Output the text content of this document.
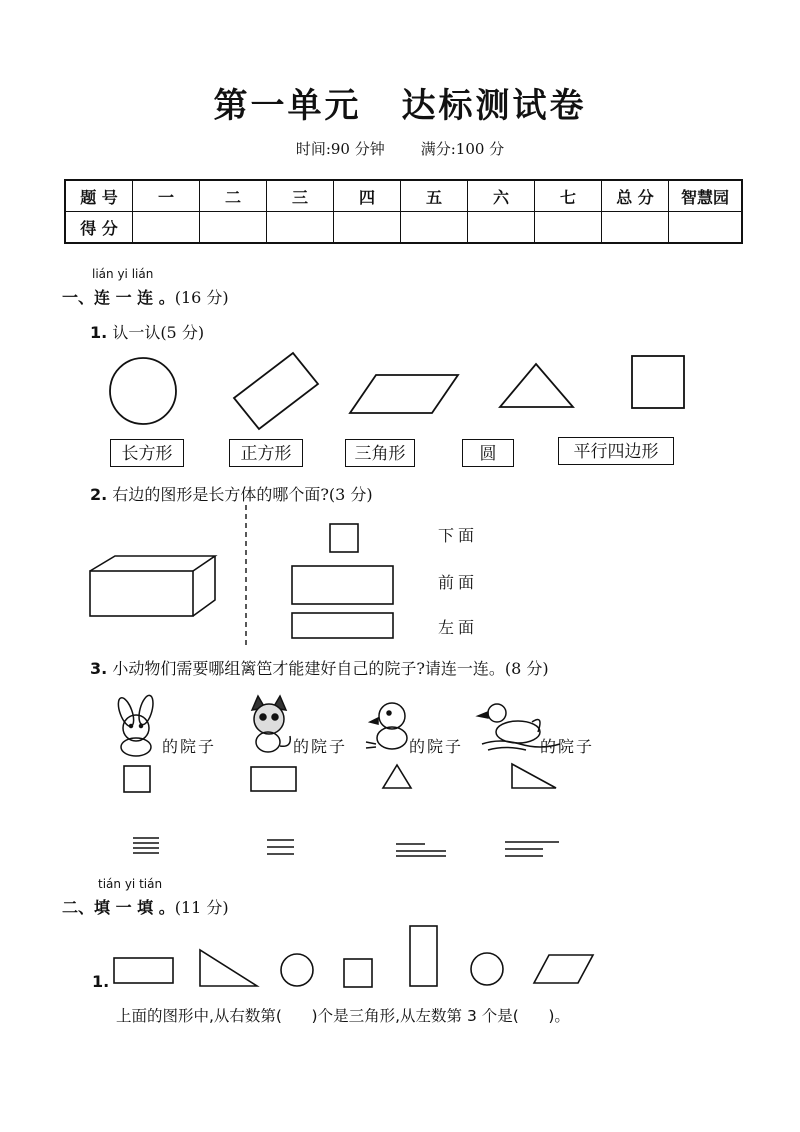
第一单元 达标测试卷
时间:90 分钟 满分:100 分
题 号	一	二	三	四	五	六	七	总 分	智慧园
得 分									
lián yi lián
一、连 一 连 。(16 分)
1. 认一认(5 分)
长方形	正方形	三角形	圆	平行四边形
2. 右边的图形是长方体的哪个面?(3 分)
下面
前面
左面
3. 小动物们需要哪组篱笆才能建好自己的院子?请连一连。(8 分)
的院子	的院子	的院子	的院子
tián yi tián
二、填 一 填 。(11 分)
1.
上面的图形中,从右数第(      )个是三角形,从左数第 3 个是(      )。
